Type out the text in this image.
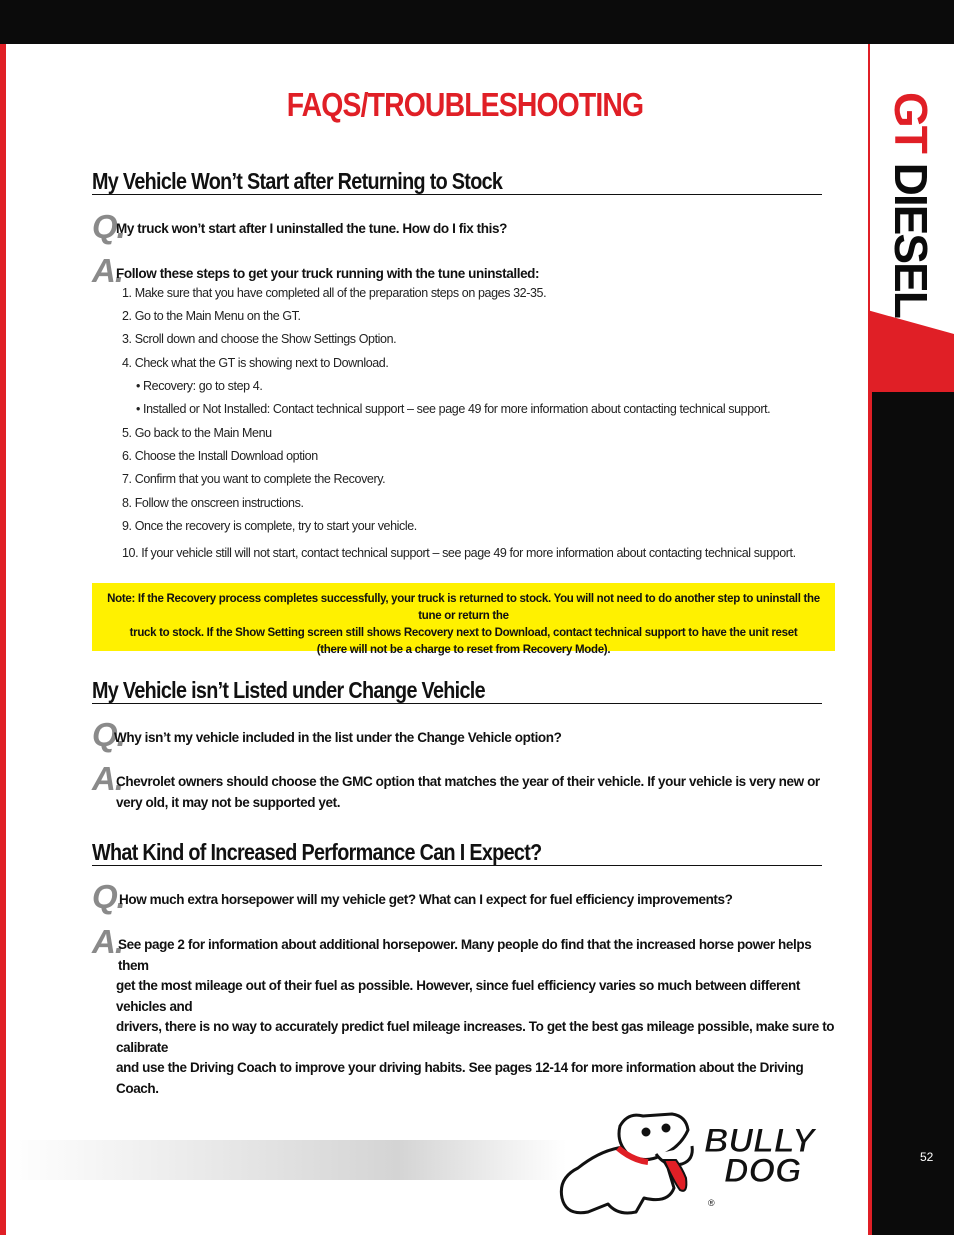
GT DIESEL
FAQS/TROUBLESHOOTING
My Vehicle Won’t Start after Returning to Stock
Q.
My truck won’t start after I uninstalled the tune. How do I fix this?
A.
Follow these steps to get your truck running with the tune uninstalled:
1. Make sure that you have completed all of the preparation steps on pages 32-35.
2. Go to the Main Menu on the GT.
3. Scroll down and choose the Show Settings Option.
4. Check what the GT is showing next to Download.
• Recovery: go to step 4.
• Installed or Not Installed: Contact technical support – see page 49 for more information about contacting technical support.
5. Go back to the Main Menu
6. Choose the Install Download option
7. Confirm that you want to complete the Recovery.
8. Follow the onscreen instructions.
9. Once the recovery is complete, try to start your vehicle.
10. If your vehicle still will not start, contact technical support – see page 49 for more information about contacting technical support.
Note: If the Recovery process completes successfully, your truck is returned to stock. You will not need to do another step to uninstall the tune or return the
truck to stock. If the Show Setting screen still shows Recovery next to Download, contact technical support to have the unit reset
(there will not be a charge to reset from Recovery Mode).
My Vehicle isn’t Listed under Change Vehicle
Q.
Why isn’t my vehicle included in the list under the Change Vehicle option?
A.
Chevrolet owners should choose the GMC option that matches the year of their vehicle. If your vehicle is very new or very old, it may not be supported yet.
What Kind of Increased Performance Can I Expect?
Q.
How much extra horsepower will my vehicle get? What can I expect for fuel efficiency improvements?
A.
See page 2 for information about additional horsepower. Many people do find that the increased horse power helps them
get the most mileage out of their fuel as possible. However, since fuel efficiency varies so much between different vehicles and
drivers, there is no way to accurately predict fuel mileage increases. To get the best gas mileage possible, make sure to calibrate
and use the Driving Coach to improve your driving habits. See pages 12-14 for more information about the Driving Coach.
BULLY
DOG
®
52
